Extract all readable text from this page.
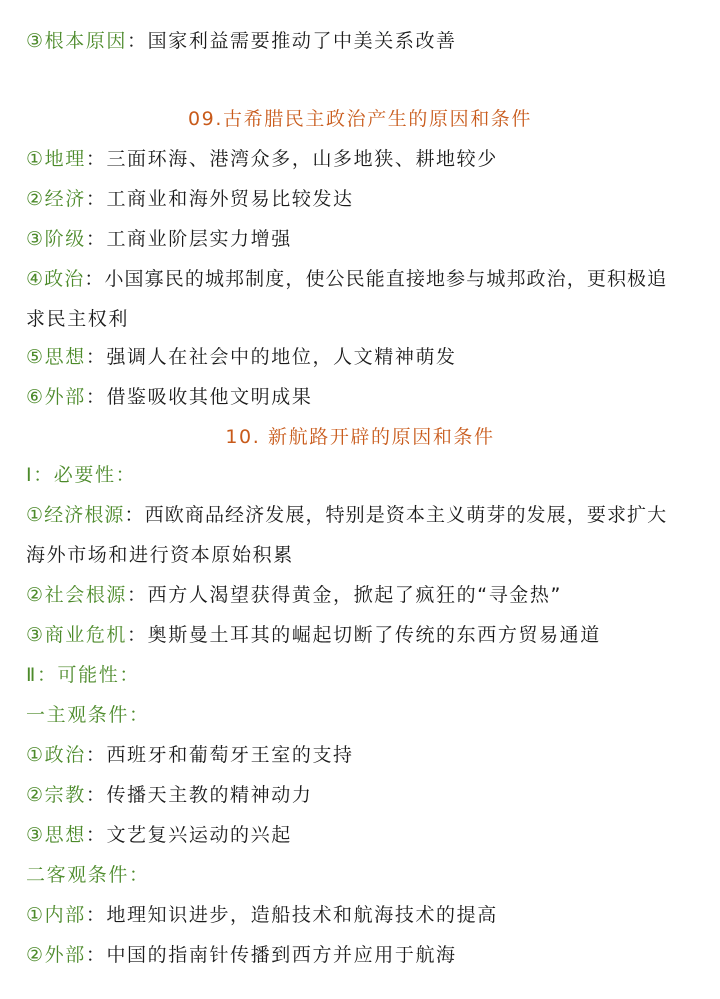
③根本原因：国家利益需要推动了中美关系改善
09.古希腊民主政治产生的原因和条件
①地理：三面环海、港湾众多，山多地狭、耕地较少
②经济：工商业和海外贸易比较发达
③阶级：工商业阶层实力增强
④政治：小国寡民的城邦制度，使公民能直接地参与城邦政治，更积极追
求民主权利
⑤思想：强调人在社会中的地位，人文精神萌发
⑥外部：借鉴吸收其他文明成果
10. 新航路开辟的原因和条件
Ⅰ：必要性：
①经济根源：西欧商品经济发展，特别是资本主义萌芽的发展，要求扩大
海外市场和进行资本原始积累
②社会根源：西方人渴望获得黄金，掀起了疯狂的“寻金热”
③商业危机：奥斯曼土耳其的崛起切断了传统的东西方贸易通道
Ⅱ：可能性：
一主观条件：
①政治：西班牙和葡萄牙王室的支持
②宗教：传播天主教的精神动力
③思想：文艺复兴运动的兴起
二客观条件：
①内部：地理知识进步，造船技术和航海技术的提高
②外部：中国的指南针传播到西方并应用于航海
